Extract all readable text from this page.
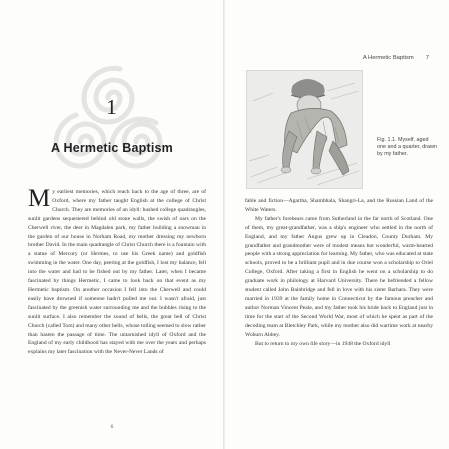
1
A Hermetic Baptism

My earliest memories, which reach back to the age of three, are of Oxford, where my father taught English at the college of Christ Church. They are memories of an idyll: hushed college quadrangles, sunlit gardens sequestered behind old stone walls, the swish of oars on the Cherwell river, the deer in Magdalen park, my father building a snowman in the garden of our house in Norham Road, my mother dressing my newborn brother David. In the main quadrangle of Christ Church there is a fountain with a statue of Mercury (or Hermes, to use his Greek name) and goldfish swimming in the water. One day, peering at the goldfish, I lost my balance, fell into the water and had to be fished out by my father. Later, when I became fascinated by things Hermetic, I came to look back on that event as my Hermetic baptism. On another occasion I fell into the Cherwell and could easily have drowned if someone hadn't pulled me out. I wasn't afraid, just fascinated by the greenish water surrounding me and the bubbles rising to the sunlit surface. I also remember the sound of bells, the great bell of Christ Church (called Tom) and many other bells, whose tolling seemed to slow rather than hasten the passage of time. The untarnished idyll of Oxford and the England of my early childhood has stayed with me over the years and perhaps explains my later fascination with the Never-Never Lands of

6
A Hermetic Baptism 7
Fig. 1.1. Myself, aged one and a quarter, drawn by my father.

fable and fiction—Agartha, Shambhala, Shangri-La, and the Russian Land of the White Waters.

My father's forebears came from Sutherland in the far north of Scotland. One of them, my great-grandfather, was a ship's engineer who settled in the north of England, and my father Angus grew up in Cleadon, County Durham. My grandfather and grandmother were of modest means but wonderful, warm-hearted people with a strong appreciation for learning. My father, who was educated at state schools, proved to be a brilliant pupil and in due course won a scholarship to Oriel College, Oxford. After taking a first in English he went on a scholarship to do graduate work in philology at Harvard University. There he befriended a fellow student called John Bainbridge and fell in love with his sister Barbara. They were married in 1939 at the family home in Connecticut by the famous preacher and author Norman Vincent Peale, and my father took his bride back to England just in time for the start of the Second World War, most of which he spent as part of the decoding team at Bletchley Park, while my mother also did wartime work at nearby Woburn Abbey.

But to return to my own life story—in 1948 the Oxford idyll
